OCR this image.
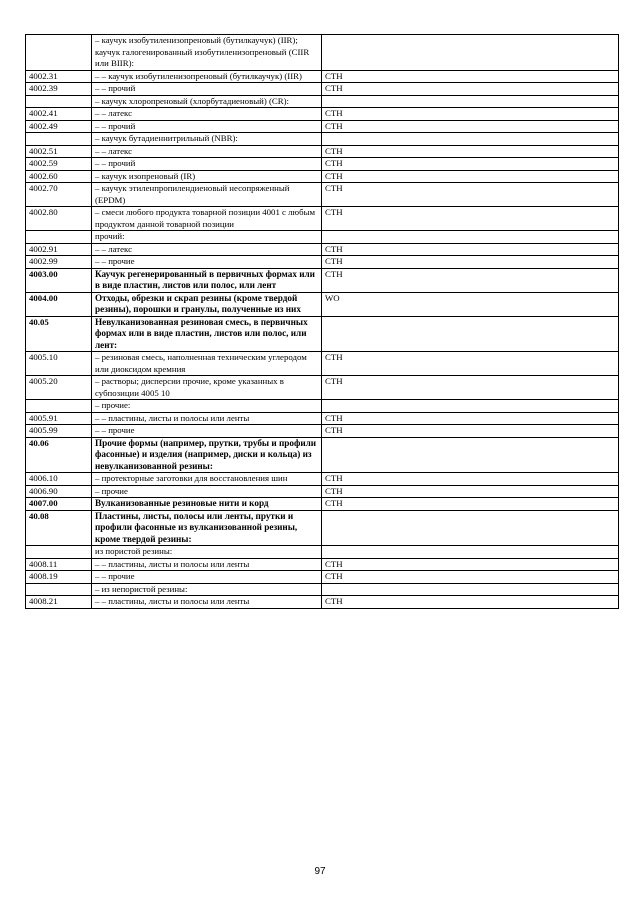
	– каучук изобутиленизопреновый (бутилкаучук) (IIR); каучук галогенированный изобутиленизопреновый (CIIR или BIIR):	
4002.31	– – каучук изобутиленизопреновый (бутилкаучук) (IIR)	СТН
4002.39	– – прочий	СТН
	– каучук хлоропреновый (хлорбутадиеновый) (CR):	
4002.41	– – латекс	СТН
4002.49	– – прочий	СТН
	– каучук бутадиеннитрильный (NBR):	
4002.51	– – латекс	СТН
4002.59	– – прочий	СТН
4002.60	– каучук изопреновый (IR)	СТН
4002.70	– каучук этиленпропилендиеновый несопряженный (EPDM)	СТН
4002.80	– смеси любого продукта товарной позиции 4001 с любым продуктом данной товарной позиции	СТН
	прочий:	
4002.91	– – латекс	СТН
4002.99	– – прочие	СТН
4003.00	Каучук регенерированный в первичных формах или в виде пластин, листов или полос, или лент	СТН
4004.00	Отходы, обрезки и скрап резины (кроме твердой резины), порошки и гранулы, полученные из них	WO
40.05	Невулканизованная резиновая смесь, в первичных формах или в виде пластин, листов или полос, или лент:	
4005.10	– резиновая смесь, наполненная техническим углеродом или диоксидом кремния	СТН
4005.20	– растворы; дисперсии прочие, кроме указанных в субпозиции 4005 10	СТН
	– прочие:	
4005.91	– – пластины, листы и полосы или ленты	СТН
4005.99	– – прочие	СТН
40.06	Прочие формы (например, прутки, трубы и профили фасонные) и изделия (например, диски и кольца) из невулканизованной резины:	
4006.10	– протекторные заготовки для восстановления шин	СТН
4006.90	– прочие	СТН
4007.00	Вулканизованные резиновые нити и корд	СТН
40.08	Пластины, листы, полосы или ленты, прутки и профили фасонные из вулканизованной резины, кроме твердой резины:	
	из пористой резины:	
4008.11	– – пластины, листы и полосы или ленты	СТН
4008.19	– – прочие	СТН
	– из непористой резины:	
4008.21	– – пластины, листы и полосы или ленты	СТН
97
